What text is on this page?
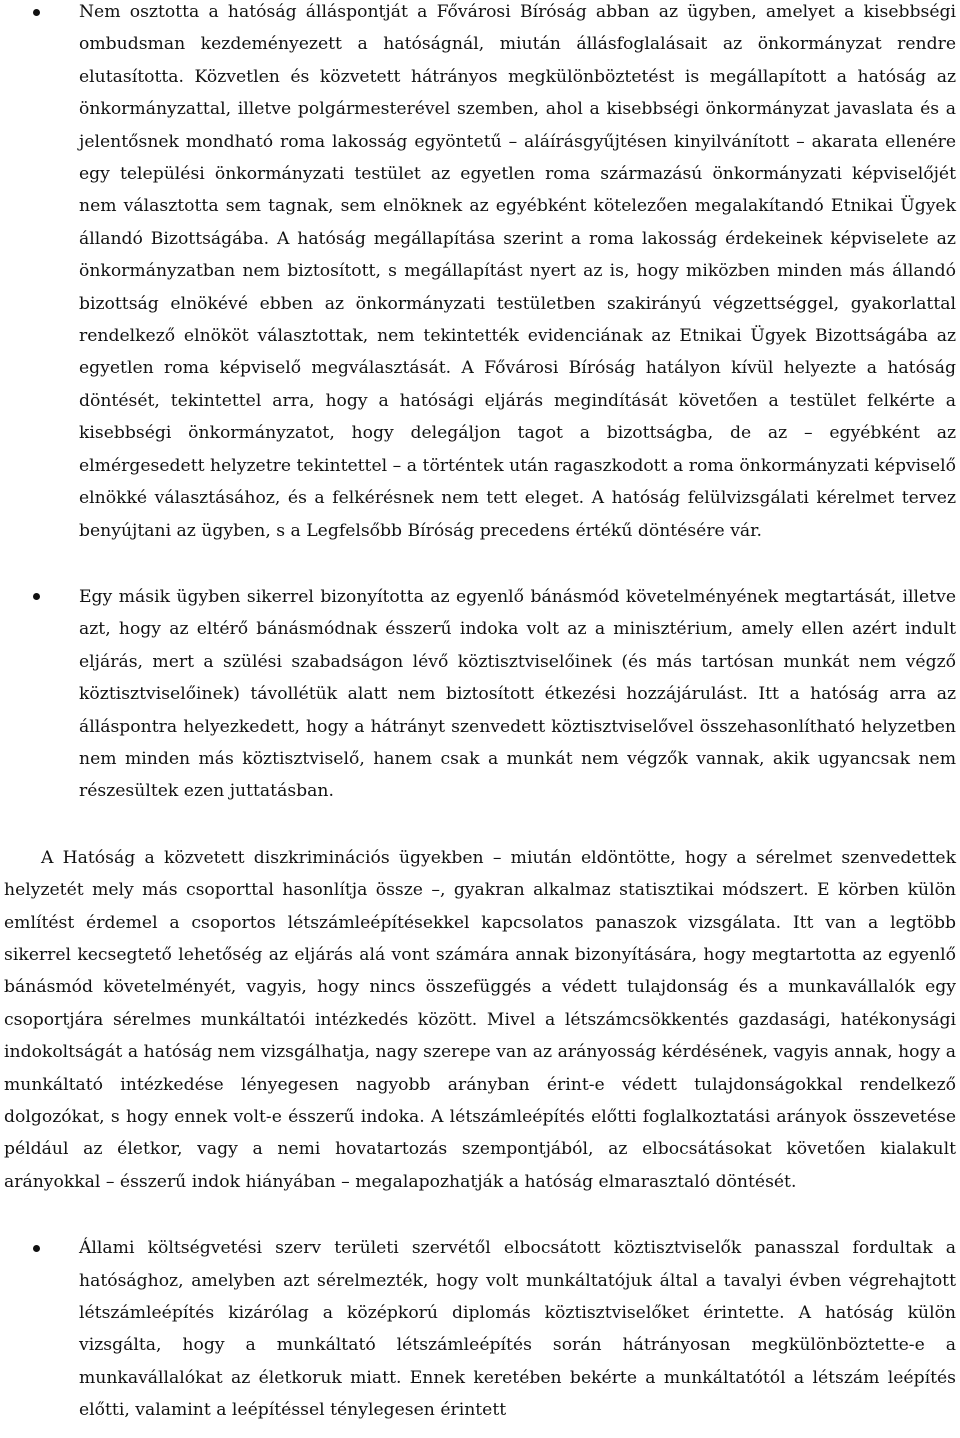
Nem osztotta a hatóság álláspontját a Fővárosi Bíróság abban az ügyben, amelyet a kisebbségi ombudsman kezdeményezett a hatóságnál, miután állásfoglalásait az önkormányzat rendre elutasította. Közvetlen és közvetett hátrányos megkülönböztetést is megállapított a hatóság az önkormányzattal, illetve polgármesterével szemben, ahol a kisebbségi önkormányzat javaslata és a jelentősnek mondható roma lakosság egyöntetű – aláírásgyűjtésen kinyilvánított – akarata ellenére egy települési önkormányzati testület az egyetlen roma származású önkormányzati képviselőjét nem választotta sem tagnak, sem elnöknek az egyébként kötelezően megalakítandó Etnikai Ügyek állandó Bizottságába. A hatóság megállapítása szerint a roma lakosság érdekeinek képviselete az önkormányzatban nem biztosított, s megállapítást nyert az is, hogy miközben minden más állandó bizottság elnökévé ebben az önkormányzati testületben szakirányú végzettséggel, gyakorlattal rendelkező elnököt választottak, nem tekintették evidenciának az Etnikai Ügyek Bizottságába az egyetlen roma képviselő megválasztását. A Fővárosi Bíróság hatályon kívül helyezte a hatóság döntését, tekintettel arra, hogy a hatósági eljárás megindítását követően a testület felkérte a kisebbségi önkormányzatot, hogy delegáljon tagot a bizottságba, de az – egyébként az elmérgesedett helyzetre tekintettel – a történtek után ragaszkodott a roma önkormányzati képviselő elnökké választásához, és a felkérésnek nem tett eleget. A hatóság felülvizsgálati kérelmet tervez benyújtani az ügyben, s a Legfelsőbb Bíróság precedens értékű döntésére vár.
Egy másik ügyben sikerrel bizonyította az egyenlő bánásmód követelményének megtartását, illetve azt, hogy az eltérő bánásmódnak ésszerű indoka volt az a minisztérium, amely ellen azért indult eljárás, mert a szülési szabadságon lévő köztisztviselőinek (és más tartósan munkát nem végző köztisztviselőinek) távollétük alatt nem biztosított étkezési hozzájárulást. Itt a hatóság arra az álláspontra helyezkedett, hogy a hátrányt szenvedett köztisztviselővel összehasonlítható helyzetben nem minden más köztisztviselő, hanem csak a munkát nem végzők vannak, akik ugyancsak nem részesültek ezen juttatásban.
A Hatóság a közvetett diszkriminációs ügyekben – miután eldöntötte, hogy a sérelmet szenvedettek helyzetét mely más csoporttal hasonlítja össze –, gyakran alkalmaz statisztikai módszert. E körben külön említést érdemel a csoportos létszámleépítésekkel kapcsolatos panaszok vizsgálata. Itt van a legtöbb sikerrel kecsegtető lehetőség az eljárás alá vont számára annak bizonyítására, hogy megtartotta az egyenlő bánásmód követelményét, vagyis, hogy nincs összefüggés a védett tulajdonság és a munkavállalók egy csoportjára sérelmes munkáltatói intézkedés között. Mivel a létszámcsökkentés gazdasági, hatékonysági indokoltságát a hatóság nem vizsgálhatja, nagy szerepe van az arányosság kérdésének, vagyis annak, hogy a munkáltató intézkedése lényegesen nagyobb arányban érint-e védett tulajdonságokkal rendelkező dolgozókat, s hogy ennek volt-e ésszerű indoka. A létszámleépítés előtti foglalkoztatási arányok összevetése például az életkor, vagy a nemi hovatartozás szempontjából, az elbocsátásokat követően kialakult arányokkal – ésszerű indok hiányában – megalapozhatják a hatóság elmarasztaló döntését.
Állami költségvetési szerv területi szervétől elbocsátott köztisztviselők panasszal fordultak a hatósághoz, amelyben azt sérelmezték, hogy volt munkáltatójuk által a tavalyi évben végrehajtott létszámleépítés kizárólag a középkorú diplomás köztisztviselőket érintette. A hatóság külön vizsgálta, hogy a munkáltató létszámleépítés során hátrányosan megkülönböztette-e a munkavállalókat az életkoruk miatt. Ennek keretében bekérte a munkáltatótól a létszám leépítés előtti, valamint a leépítéssel ténylegesen érintett
